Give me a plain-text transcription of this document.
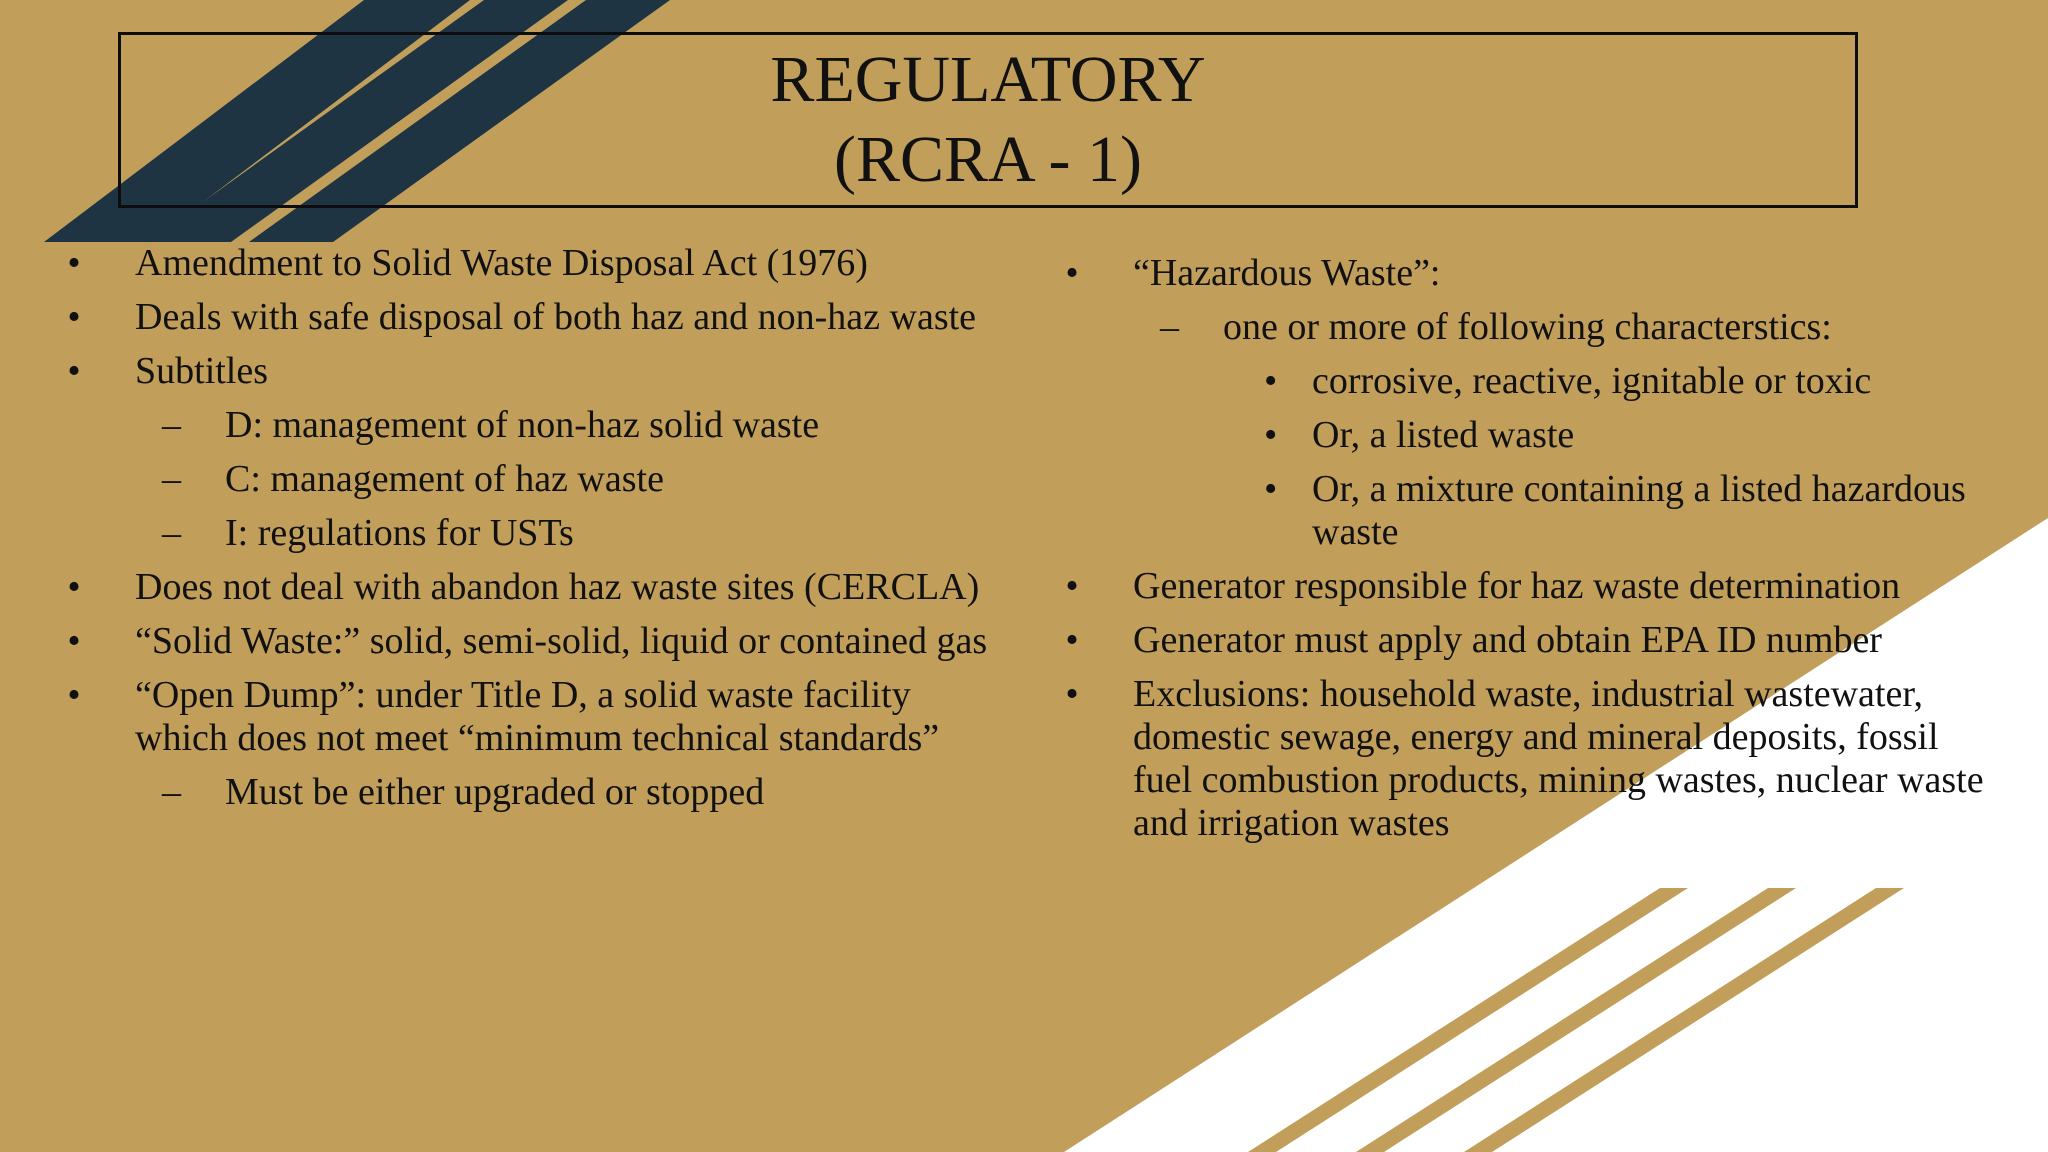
REGULATORY
(RCRA - 1)
• Amendment to Solid Waste Disposal Act (1976)
• Deals with safe disposal of both haz and non-haz waste
• Subtitles
– D: management of non-haz solid waste
– C: management of haz waste
– I: regulations for USTs
• Does not deal with abandon haz waste sites (CERCLA)
• “Solid Waste:” solid, semi-solid, liquid or contained gas
• “Open Dump”: under Title D, a solid waste facility which does not meet “minimum technical standards”
– Must be either upgraded or stopped
• “Hazardous Waste”:
– one or more of following characterstics:
• corrosive, reactive, ignitable or toxic
• Or, a listed waste
• Or, a mixture containing a listed hazardous waste
• Generator responsible for haz waste determination
• Generator must apply and obtain EPA ID number
• Exclusions: household waste, industrial wastewater, domestic sewage, energy and mineral deposits, fossil fuel combustion products, mining wastes, nuclear waste and irrigation wastes
